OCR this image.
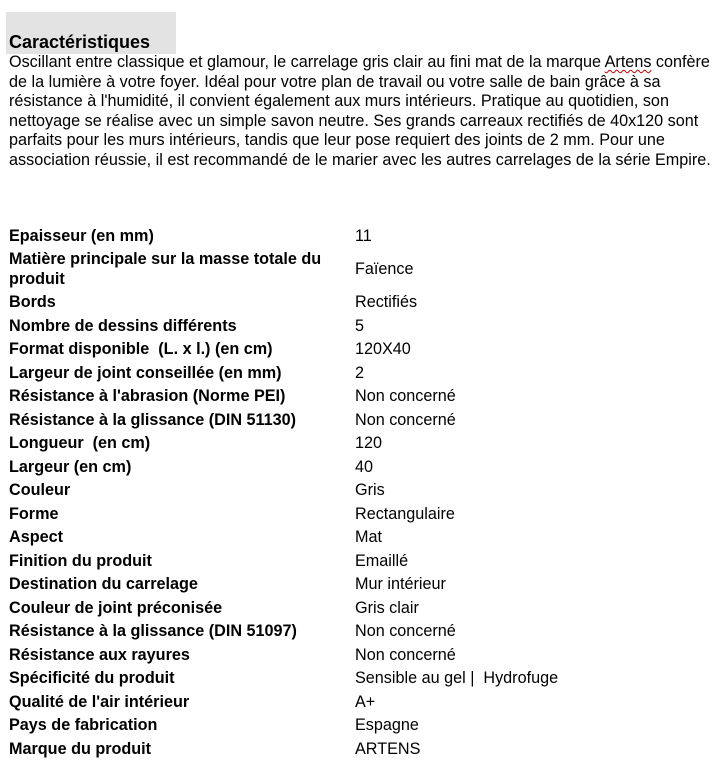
Caractéristiques

Oscillant entre classique et glamour, le carrelage gris clair au fini mat de la marque Artens confère de la lumière à votre foyer. Idéal pour votre plan de travail ou votre salle de bain grâce à sa résistance à l'humidité, il convient également aux murs intérieurs. Pratique au quotidien, son nettoyage se réalise avec un simple savon neutre. Ses grands carreaux rectifiés de 40x120 sont parfaits pour les murs intérieurs, tandis que leur pose requiert des joints de 2 mm. Pour une association réussie, il est recommandé de le marier avec les autres carrelages de la série Empire.

Epaisseur (en mm)	11
Matière principale sur la masse totale du produit	Faïence
Bords	Rectifiés
Nombre de dessins différents	5
Format disponible  (L. x l.) (en cm)	120X40
Largeur de joint conseillée (en mm)	2
Résistance à l'abrasion (Norme PEI)	Non concerné
Résistance à la glissance (DIN 51130)	Non concerné
Longueur  (en cm)	120
Largeur (en cm)	40
Couleur	Gris
Forme	Rectangulaire
Aspect	Mat
Finition du produit	Emaillé
Destination du carrelage	Mur intérieur
Couleur de joint préconisée	Gris clair
Résistance à la glissance (DIN 51097)	Non concerné
Résistance aux rayures	Non concerné
Spécificité du produit	Sensible au gel |  Hydrofuge
Qualité de l'air intérieur	A+
Pays de fabrication	Espagne
Marque du produit	ARTENS
